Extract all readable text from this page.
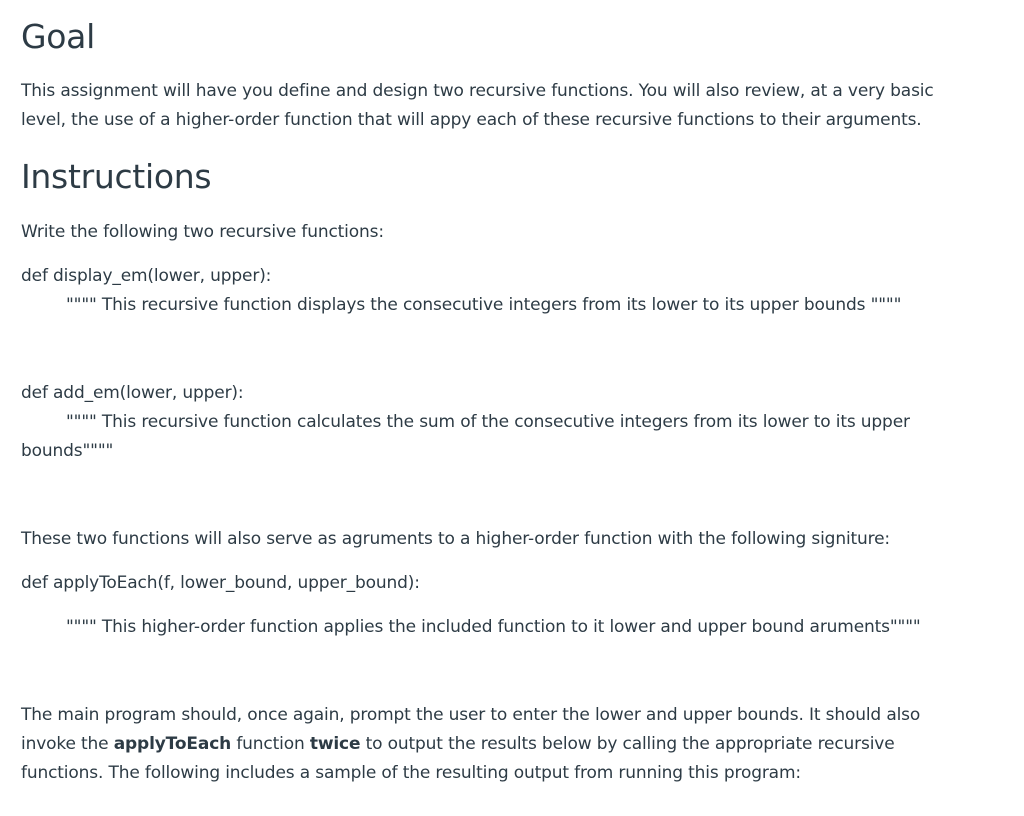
Goal

This assignment will have you define and design two recursive functions. You will also review, at a very basic

level, the use of a higher-order function that will appy each of these recursive functions to their arguments.

Instructions

Write the following two recursive functions:

def display_em(lower, upper):

"""" This recursive function displays the consecutive integers from its lower to its upper bounds """"

def add_em(lower, upper):

"""" This recursive function calculates the sum of the consecutive integers from its lower to its upper

bounds""""

These two functions will also serve as agruments to a higher-order function with the following signiture:

def applyToEach(f, lower_bound, upper_bound):

"""" This higher-order function applies the included function to it lower and upper bound aruments""""

The main program should, once again, prompt the user to enter the lower and upper bounds. It should also

invoke the applyToEach function twice to output the results below by calling the appropriate recursive

functions. The following includes a sample of the resulting output from running this program:
